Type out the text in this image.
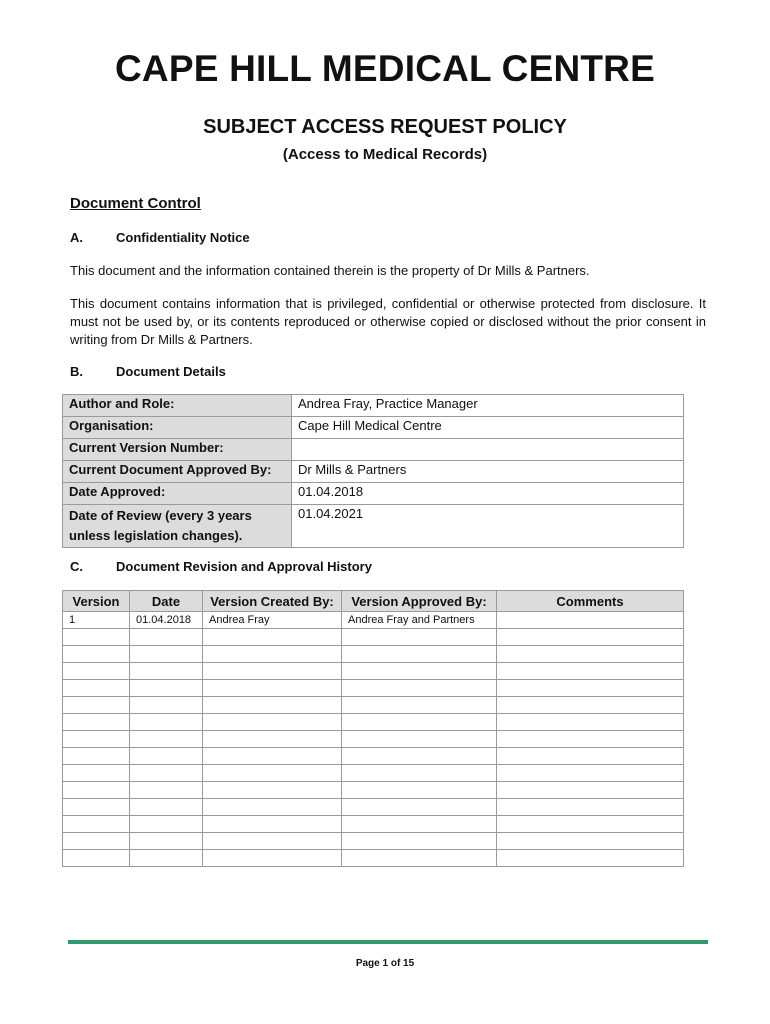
CAPE HILL MEDICAL CENTRE
SUBJECT ACCESS REQUEST POLICY
(Access to Medical Records)
Document Control
A.	Confidentiality Notice
This document and the information contained therein is the property of Dr Mills & Partners.
This document contains information that is privileged, confidential or otherwise protected from disclosure. It must not be used by, or its contents reproduced or otherwise copied or disclosed without the prior consent in writing from Dr Mills & Partners.
B.	Document Details
Author and Role:	Andrea Fray, Practice Manager
Organisation:	Cape Hill Medical Centre
Current Version Number:	
Current Document Approved By:	Dr Mills & Partners
Date Approved:	01.04.2018
Date of Review (every 3 years unless legislation changes).	01.04.2021
C.	Document Revision and Approval History
Version	Date	Version Created By:	Version Approved By:	Comments
1	01.04.2018	Andrea Fray	Andrea Fray and Partners	

Page 1 of 15
